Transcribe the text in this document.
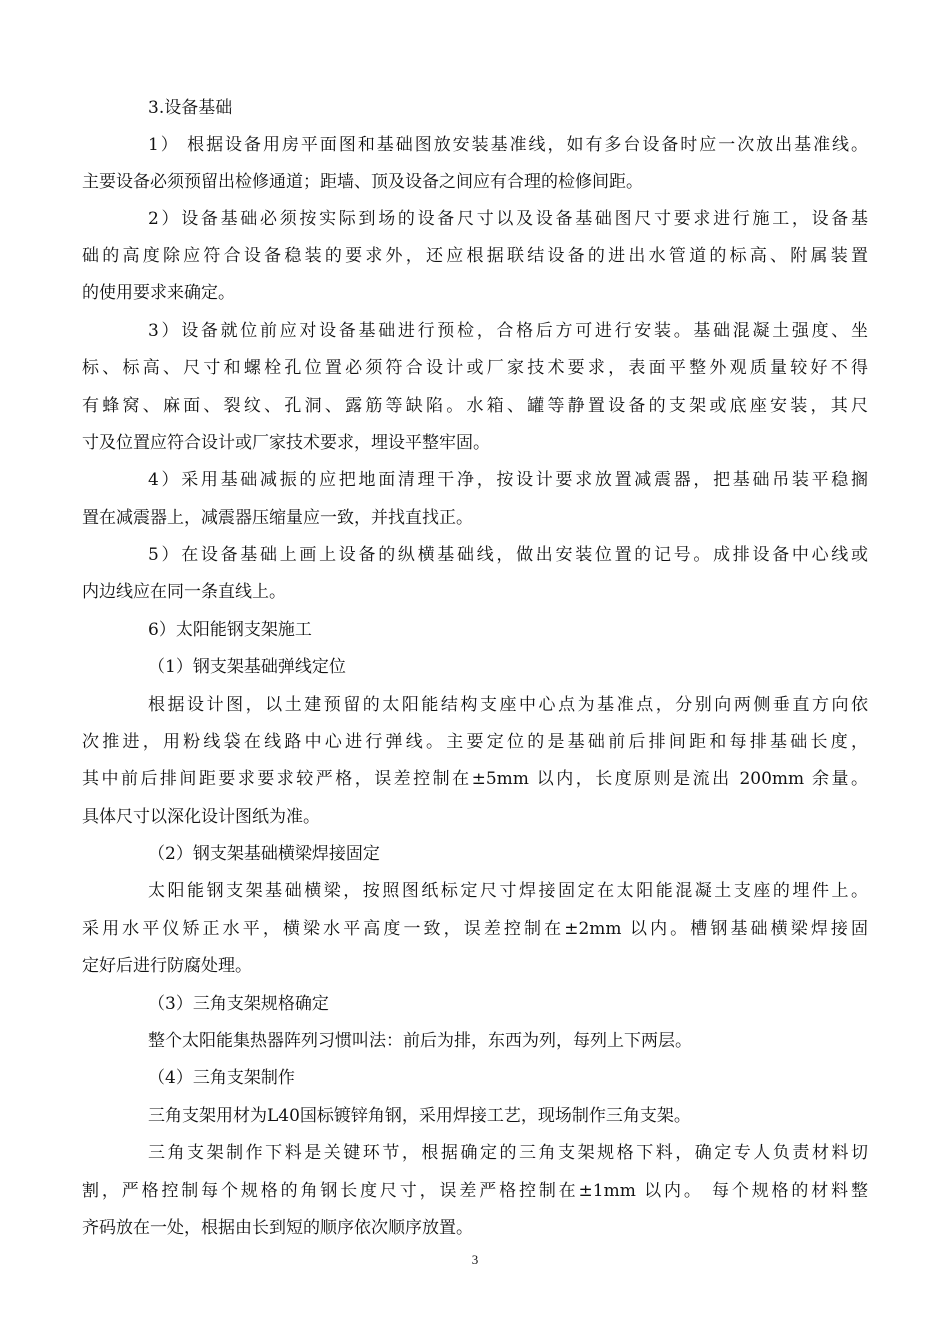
3.设备基础
1） 根据设备用房平面图和基础图放安装基准线，如有多台设备时应一次放出基准线。
主要设备必须预留出检修通道；距墙、顶及设备之间应有合理的检修间距。
2）设备基础必须按实际到场的设备尺寸以及设备基础图尺寸要求进行施工，设备基
础的高度除应符合设备稳装的要求外，还应根据联结设备的进出水管道的标高、附属装置
的使用要求来确定。
3）设备就位前应对设备基础进行预检，合格后方可进行安装。基础混凝土强度、坐
标、标高、尺寸和螺栓孔位置必须符合设计或厂家技术要求，表面平整外观质量较好不得
有蜂窝、麻面、裂纹、孔洞、露筋等缺陷。水箱、罐等静置设备的支架或底座安装，其尺
寸及位置应符合设计或厂家技术要求，埋设平整牢固。
4）采用基础减振的应把地面清理干净，按设计要求放置减震器，把基础吊装平稳搁
置在减震器上，减震器压缩量应一致，并找直找正。
5）在设备基础上画上设备的纵横基础线，做出安装位置的记号。成排设备中心线或
内边线应在同一条直线上。
6）太阳能钢支架施工
（1）钢支架基础弹线定位
根据设计图，以土建预留的太阳能结构支座中心点为基准点，分别向两侧垂直方向依
次推进，用粉线袋在线路中心进行弹线。主要定位的是基础前后排间距和每排基础长度，
其中前后排间距要求要求较严格，误差控制在±5mm 以内，长度原则是流出 200mm 余量。
具体尺寸以深化设计图纸为准。
（2）钢支架基础横梁焊接固定
太阳能钢支架基础横梁，按照图纸标定尺寸焊接固定在太阳能混凝土支座的埋件上。
采用水平仪矫正水平，横梁水平高度一致，误差控制在±2mm 以内。槽钢基础横梁焊接固
定好后进行防腐处理。
（3）三角支架规格确定
整个太阳能集热器阵列习惯叫法：前后为排，东西为列，每列上下两层。
（4）三角支架制作
三角支架用材为L40国标镀锌角钢，采用焊接工艺，现场制作三角支架。
三角支架制作下料是关键环节，根据确定的三角支架规格下料，确定专人负责材料切
割，严格控制每个规格的角钢长度尺寸，误差严格控制在±1mm 以内。 每个规格的材料整
齐码放在一处，根据由长到短的顺序依次顺序放置。
3
